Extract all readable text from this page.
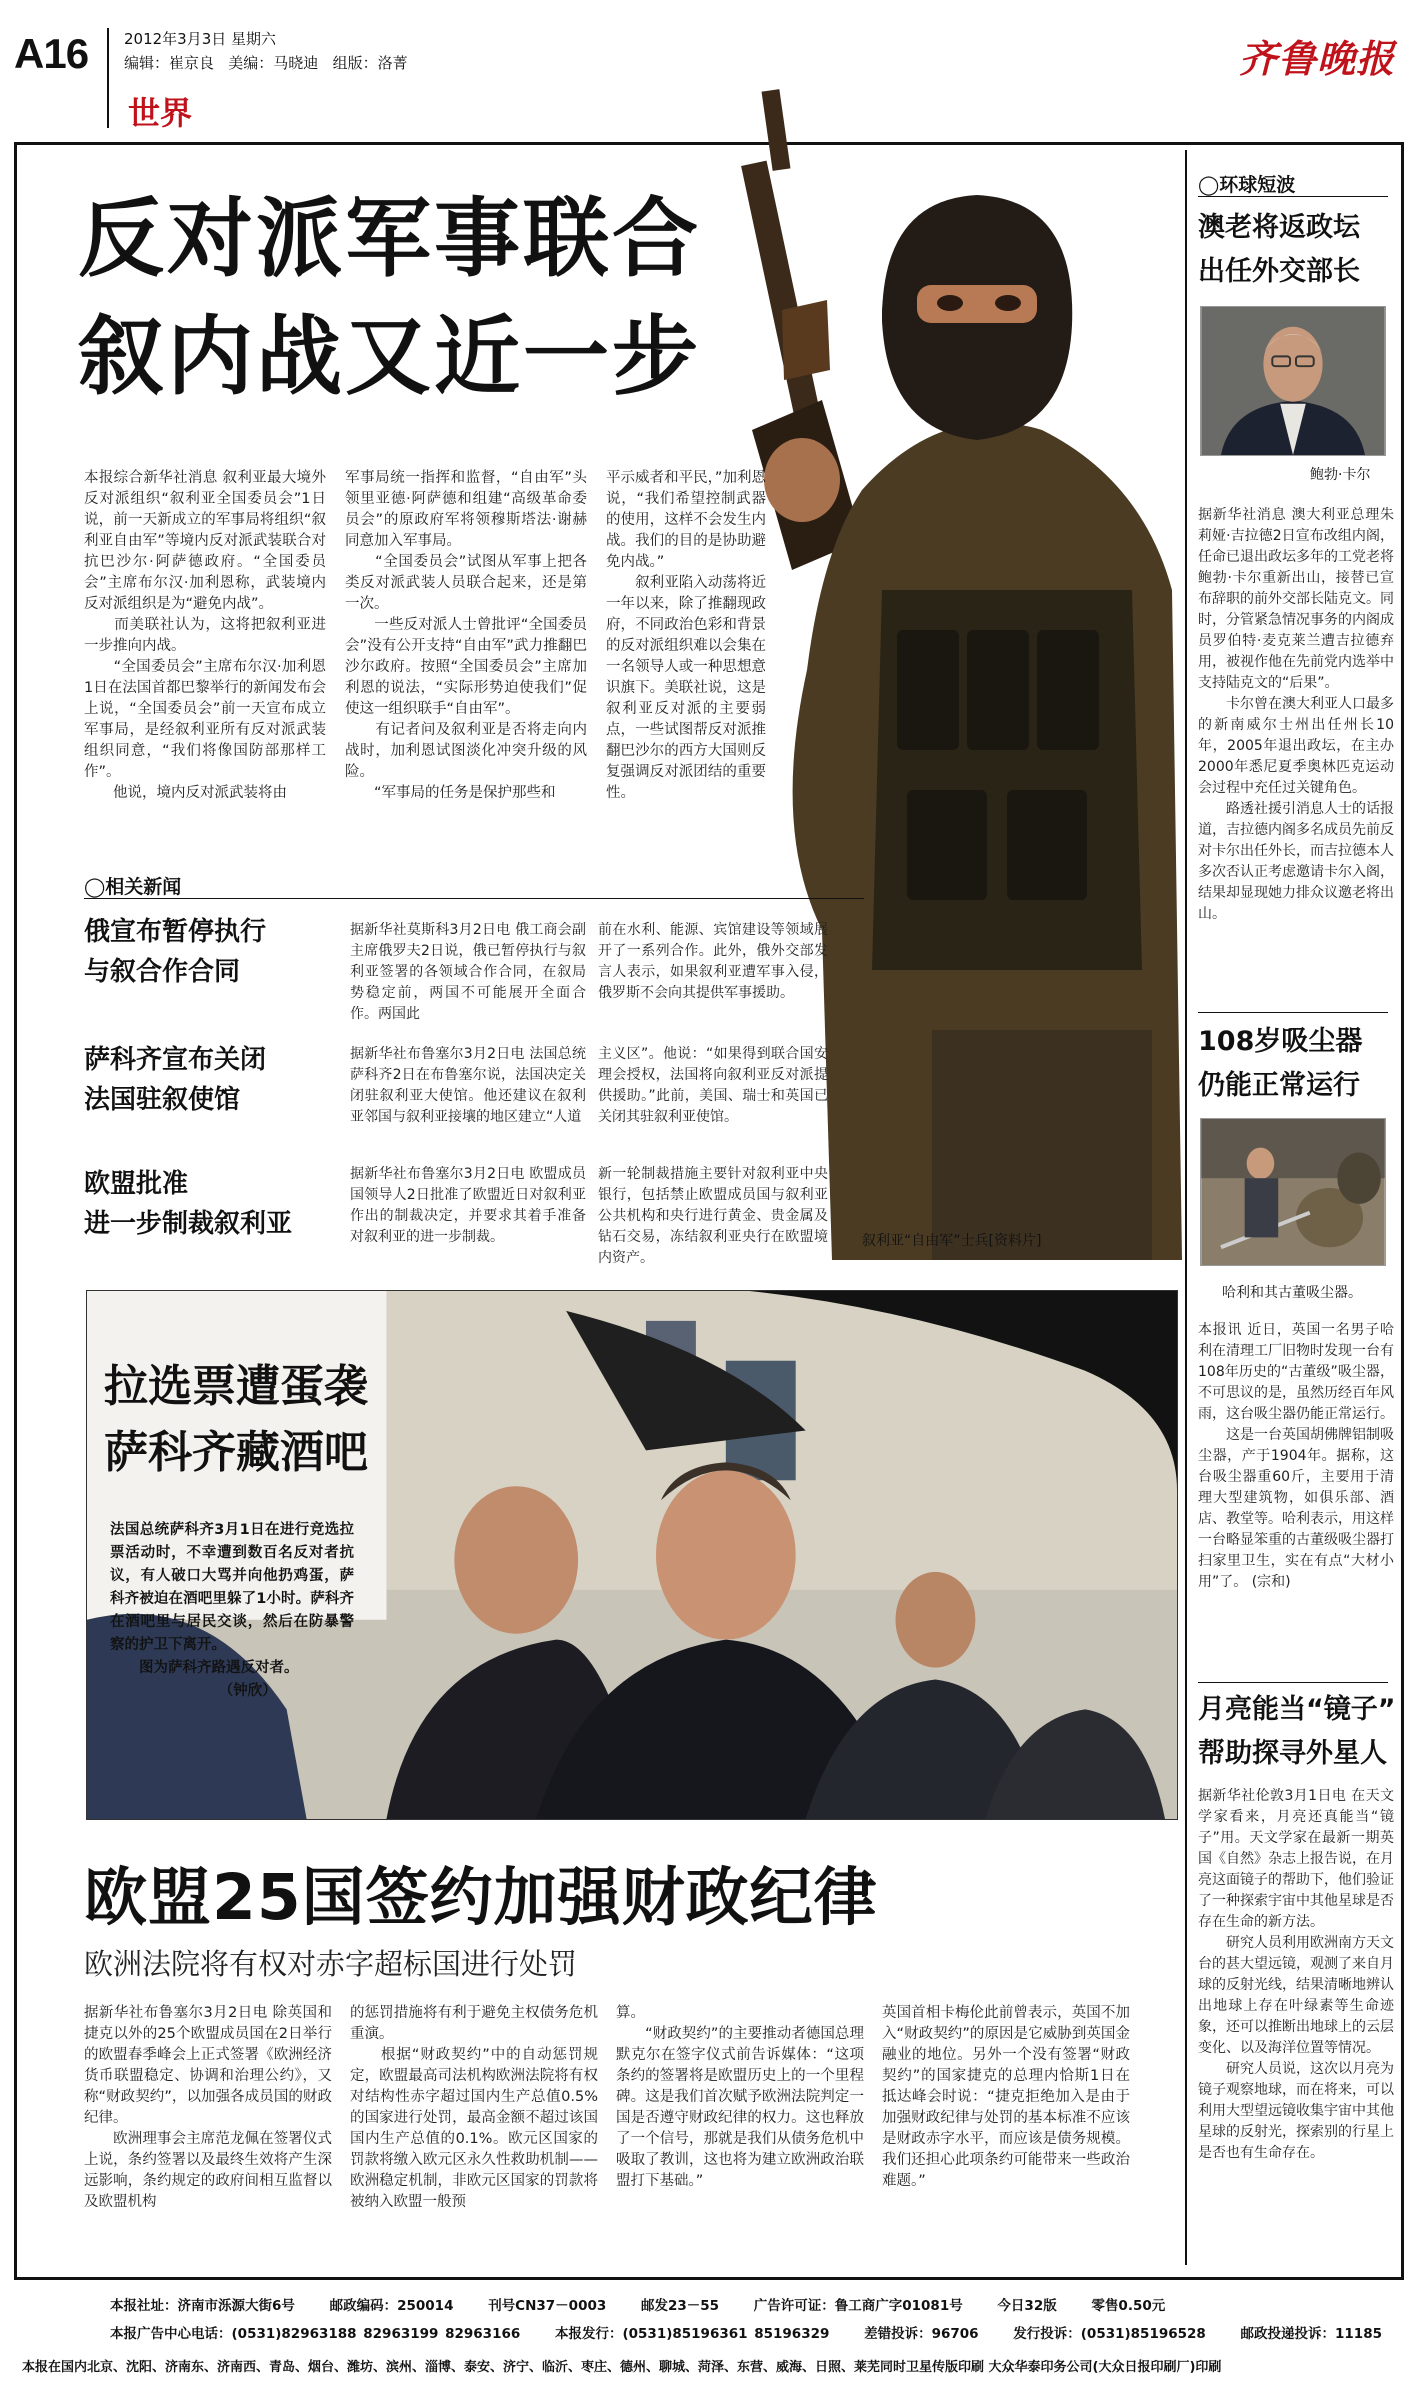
A16 2012年3月3日 星期六
编辑：崔京良   美编：马晓迪   组版：洛菁
世界
齐鲁晚报
叙利亚“自由军”士兵[资料片]
反对派军事联合
叙内战又近一步
本报综合新华社消息 叙利亚最大境外反对派组织“叙利亚全国委员会”1日说，前一天新成立的军事局将组织“叙利亚自由军”等境内反对派武装联合对抗巴沙尔·阿萨德政府。“全国委员会”主席布尔汉·加利恩称，武装境内反对派组织是为“避免内战”。
　　而美联社认为，这将把叙利亚进一步推向内战。
　　“全国委员会”主席布尔汉·加利恩1日在法国首都巴黎举行的新闻发布会上说，“全国委员会”前一天宣布成立军事局，是经叙利亚所有反对派武装组织同意，“我们将像国防部那样工作”。
　　他说，境内反对派武装将由
军事局统一指挥和监督，“自由军”头领里亚德·阿萨德和组建“高级革命委员会”的原政府军将领穆斯塔法·谢赫同意加入军事局。
　　“全国委员会”试图从军事上把各类反对派武装人员联合起来，还是第一次。
　　一些反对派人士曾批评“全国委员会”没有公开支持“自由军”武力推翻巴沙尔政府。按照“全国委员会”主席加利恩的说法，“实际形势迫使我们”促使这一组织联手“自由军”。
　　有记者问及叙利亚是否将走向内战时，加利恩试图淡化冲突升级的风险。
　　“军事局的任务是保护那些和
平示威者和平民，”加利恩说，“我们希望控制武器的使用，这样不会发生内战。我们的目的是协助避免内战。”
　　叙利亚陷入动荡将近一年以来，除了推翻现政府，不同政治色彩和背景的反对派组织难以会集在一名领导人或一种思想意识旗下。美联社说，这是叙利亚反对派的主要弱点，一些试图帮反对派推翻巴沙尔的西方大国则反复强调反对派团结的重要性。
◯相关新闻
俄宣布暂停执行
与叙合作合同
据新华社莫斯科3月2日电 俄工商会副主席俄罗夫2日说，俄已暂停执行与叙利亚签署的各领域合作合同，在叙局势稳定前，两国不可能展开全面合作。两国此
前在水利、能源、宾馆建设等领域展开了一系列合作。此外，俄外交部发言人表示，如果叙利亚遭军事入侵，俄罗斯不会向其提供军事援助。
萨科齐宣布关闭
法国驻叙使馆
据新华社布鲁塞尔3月2日电 法国总统萨科齐2日在布鲁塞尔说，法国决定关闭驻叙利亚大使馆。他还建议在叙利亚邻国与叙利亚接壤的地区建立“人道
主义区”。他说：“如果得到联合国安理会授权，法国将向叙利亚反对派提供援助。”此前，美国、瑞士和英国已关闭其驻叙利亚使馆。
欧盟批准
进一步制裁叙利亚
据新华社布鲁塞尔3月2日电 欧盟成员国领导人2日批准了欧盟近日对叙利亚作出的制裁决定，并要求其着手准备对叙利亚的进一步制裁。
新一轮制裁措施主要针对叙利亚中央银行，包括禁止欧盟成员国与叙利亚公共机构和央行进行黄金、贵金属及钻石交易，冻结叙利亚央行在欧盟境内资产。
◯环球短波
澳老将返政坛
出任外交部长
鲍勃·卡尔
据新华社消息 澳大利亚总理朱莉娅·吉拉德2日宣布改组内阁，任命已退出政坛多年的工党老将鲍勃·卡尔重新出山，接替已宣布辞职的前外交部长陆克文。同时，分管紧急情况事务的内阁成员罗伯特·麦克莱兰遭吉拉德弃用，被视作他在先前党内选举中支持陆克文的“后果”。
　　卡尔曾在澳大利亚人口最多的新南威尔士州出任州长10年，2005年退出政坛，在主办2000年悉尼夏季奥林匹克运动会过程中充任过关键角色。
　　路透社援引消息人士的话报道，吉拉德内阁多名成员先前反对卡尔出任外长，而吉拉德本人多次否认正考虑邀请卡尔入阁，结果却显现她力排众议邀老将出山。
108岁吸尘器
仍能正常运行
哈利和其古董吸尘器。
本报讯 近日，英国一名男子哈利在清理工厂旧物时发现一台有108年历史的“古董级”吸尘器，不可思议的是，虽然历经百年风雨，这台吸尘器仍能正常运行。
　　这是一台英国胡佛牌铝制吸尘器，产于1904年。据称，这台吸尘器重60斤，主要用于清理大型建筑物，如俱乐部、酒店、教堂等。哈利表示，用这样一台略显笨重的古董级吸尘器打扫家里卫生，实在有点“大材小用”了。 (宗和)
月亮能当“镜子”
帮助探寻外星人
据新华社伦敦3月1日电 在天文学家看来，月亮还真能当“镜子”用。天文学家在最新一期英国《自然》杂志上报告说，在月亮这面镜子的帮助下，他们验证了一种探索宇宙中其他星球是否存在生命的新方法。
　　研究人员利用欧洲南方天文台的甚大望远镜，观测了来自月球的反射光线，结果清晰地辨认出地球上存在叶绿素等生命迹象，还可以推断出地球上的云层变化、以及海洋位置等情况。
　　研究人员说，这次以月亮为镜子观察地球，而在将来，可以利用大型望远镜收集宇宙中其他星球的反射光，探索别的行星上是否也有生命存在。
拉选票遭蛋袭
萨科齐藏酒吧
法国总统萨科齐3月1日在进行竞选拉票活动时，不幸遭到数百名反对者抗议，有人破口大骂并向他扔鸡蛋，萨科齐被迫在酒吧里躲了1小时。萨科齐在酒吧里与居民交谈，然后在防暴警察的护卫下离开。
　　图为萨科齐路遇反对者。
　　　　　　　　（钟欣）
欧盟25国签约加强财政纪律
欧洲法院将有权对赤字超标国进行处罚
据新华社布鲁塞尔3月2日电 除英国和捷克以外的25个欧盟成员国在2日举行的欧盟春季峰会上正式签署《欧洲经济货币联盟稳定、协调和治理公约》，又称“财政契约”，以加强各成员国的财政纪律。
　　欧洲理事会主席范龙佩在签署仪式上说，条约签署以及最终生效将产生深远影响，条约规定的政府间相互监督以及欧盟机构
的惩罚措施将有利于避免主权债务危机重演。
　　根据“财政契约”中的自动惩罚规定，欧盟最高司法机构欧洲法院将有权对结构性赤字超过国内生产总值0.5%的国家进行处罚，最高金额不超过该国国内生产总值的0.1%。欧元区国家的罚款将缴入欧元区永久性救助机制——欧洲稳定机制，非欧元区国家的罚款将被纳入欧盟一般预
算。
　　“财政契约”的主要推动者德国总理默克尔在签字仪式前告诉媒体：“这项条约的签署将是欧盟历史上的一个里程碑。这是我们首次赋予欧洲法院判定一国是否遵守财政纪律的权力。这也释放了一个信号，那就是我们从债务危机中吸取了教训，这也将为建立欧洲政治联盟打下基础。”
英国首相卡梅伦此前曾表示，英国不加入“财政契约”的原因是它威胁到英国金融业的地位。另外一个没有签署“财政契约”的国家捷克的总理内恰斯1日在抵达峰会时说：“捷克拒绝加入是由于加强财政纪律与处罚的基本标准不应该是财政赤字水平，而应该是债务规模。我们还担心此项条约可能带来一些政治难题。”
本报社址：济南市泺源大街6号	邮政编码：250014	刊号CN37－0003	邮发23－55	广告许可证：鲁工商广字01081号	今日32版	零售0.50元
本报广告中心电话：(0531)82963188 82963199 82963166	本报发行：(0531)85196361 85196329	差错投诉：96706	发行投诉：(0531)85196528	邮政投递投诉：11185
本报在国内北京、沈阳、济南东、济南西、青岛、烟台、潍坊、滨州、淄博、泰安、济宁、临沂、枣庄、德州、聊城、菏泽、东营、威海、日照、莱芜同时卫星传版印刷 大众华泰印务公司(大众日报印刷厂)印刷
